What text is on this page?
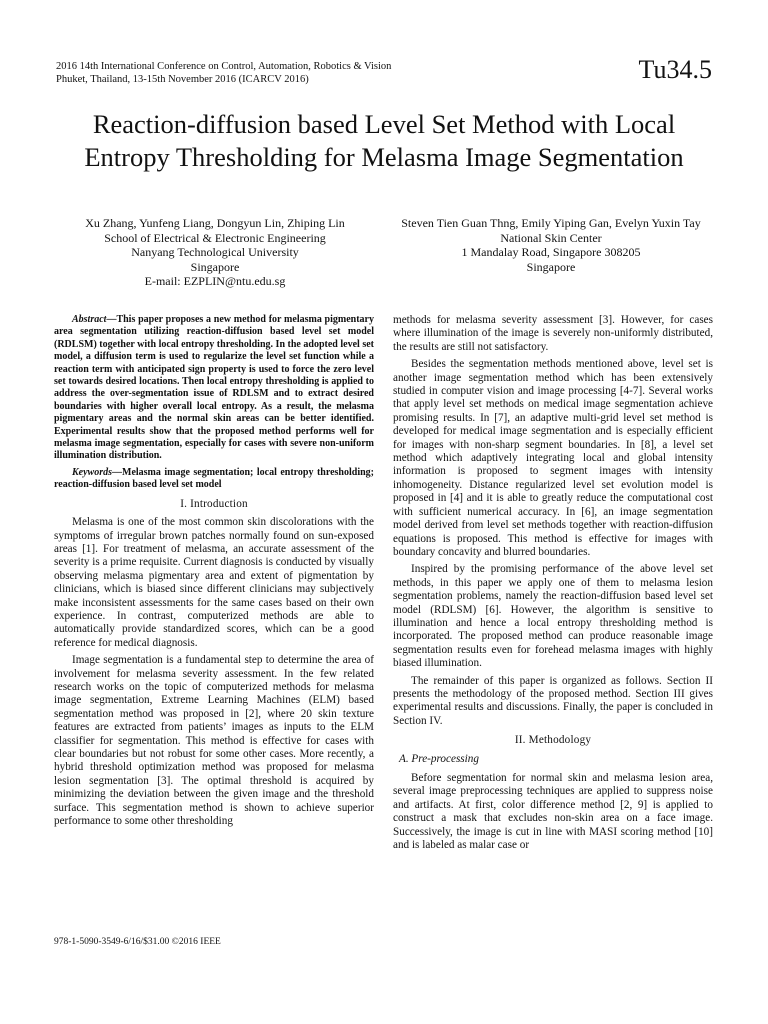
2016 14th International Conference on Control, Automation, Robotics & Vision
Phuket, Thailand, 13-15th November 2016 (ICARCV 2016)	Tu34.5
Reaction-diffusion based Level Set Method with Local Entropy Thresholding for Melasma Image Segmentation
Xu Zhang, Yunfeng Liang, Dongyun Lin, Zhiping Lin
School of Electrical & Electronic Engineering
Nanyang Technological University
Singapore
E-mail: EZPLIN@ntu.edu.sg
Steven Tien Guan Thng, Emily Yiping Gan, Evelyn Yuxin Tay
National Skin Center
1 Mandalay Road, Singapore 308205
Singapore

Abstract—This paper proposes a new method for melasma pigmentary area segmentation utilizing reaction-diffusion based level set model (RDLSM) together with local entropy thresholding. In the adopted level set model, a diffusion term is used to regularize the level set function while a reaction term with anticipated sign property is used to force the zero level set towards desired locations. Then local entropy thresholding is applied to address the over-segmentation issue of RDLSM and to extract desired boundaries with higher overall local entropy. As a result, the melasma pigmentary areas and the normal skin areas can be better identified. Experimental results show that the proposed method performs well for melasma image segmentation, especially for cases with severe non-uniform illumination distribution.

Keywords—Melasma image segmentation; local entropy thresholding; reaction-diffusion based level set model

I. Introduction

Melasma is one of the most common skin discolorations with the symptoms of irregular brown patches normally found on sun-exposed areas [1]. For treatment of melasma, an accurate assessment of the severity is a prime requisite. Current diagnosis is conducted by visually observing melasma pigmentary area and extent of pigmentation by clinicians, which is biased since different clinicians may subjectively make inconsistent assessments for the same cases based on their own experience. In contrast, computerized methods are able to automatically provide standardized scores, which can be a good reference for medical diagnosis.

Image segmentation is a fundamental step to determine the area of involvement for melasma severity assessment. In the few related research works on the topic of computerized methods for melasma image segmentation, Extreme Learning Machines (ELM) based segmentation method was proposed in [2], where 20 skin texture features are extracted from patients’ images as inputs to the ELM classifier for segmentation. This method is effective for cases with clear boundaries but not robust for some other cases. More recently, a hybrid threshold optimization method was proposed for melasma lesion segmentation [3]. The optimal threshold is acquired by minimizing the deviation between the given image and the threshold surface. This segmentation method is shown to achieve superior performance to some other thresholding

methods for melasma severity assessment [3]. However, for cases where illumination of the image is severely non-uniformly distributed, the results are still not satisfactory.

Besides the segmentation methods mentioned above, level set is another image segmentation method which has been extensively studied in computer vision and image processing [4-7]. Several works that apply level set methods on medical image segmentation achieve promising results. In [7], an adaptive multi-grid level set method is developed for medical image segmentation and is especially efficient for images with non-sharp segment boundaries. In [8], a level set method which adaptively integrating local and global intensity information is proposed to segment images with intensity inhomogeneity. Distance regularized level set evolution model is proposed in [4] and it is able to greatly reduce the computational cost with sufficient numerical accuracy. In [6], an image segmentation model derived from level set methods together with reaction-diffusion equations is proposed. This method is effective for images with boundary concavity and blurred boundaries.

Inspired by the promising performance of the above level set methods, in this paper we apply one of them to melasma lesion segmentation problems, namely the reaction-diffusion based level set model (RDLSM) [6]. However, the algorithm is sensitive to illumination and hence a local entropy thresholding method is incorporated. The proposed method can produce reasonable image segmentation results even for forehead melasma images with highly biased illumination.

The remainder of this paper is organized as follows. Section II presents the methodology of the proposed method. Section III gives experimental results and discussions. Finally, the paper is concluded in Section IV.

II. Methodology
A. Pre-processing

Before segmentation for normal skin and melasma lesion area, several image preprocessing techniques are applied to suppress noise and artifacts. At first, color difference method [2, 9] is applied to construct a mask that excludes non-skin area on a face image. Successively, the image is cut in line with MASI scoring method [10] and is labeled as malar case or

978-1-5090-3549-6/16/$31.00 ©2016 IEEE
